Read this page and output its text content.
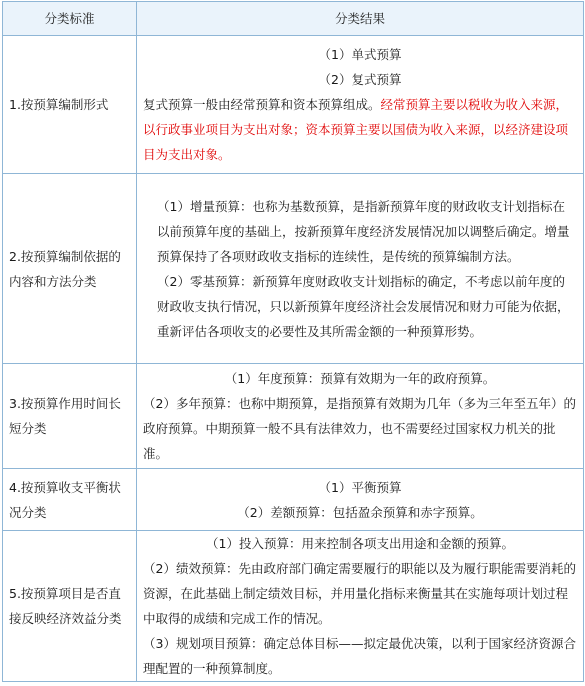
分类标准	分类结果
1.按预算编制形式	（1）单式预算
（2）复式预算
复式预算一般由经常预算和资本预算组成。经常预算主要以税收为收入来源，以行政事业项目为支出对象；资本预算主要以国债为收入来源，以经济建设项目为支出对象。

2.按预算编制依据的内容和方法分类	（1）增量预算：也称为基数预算，是指新预算年度的财政收支计划指标在以前预算年度的基础上，按新预算年度经济发展情况加以调整后确定。增量预算保持了各项财政收支指标的连续性，是传统的预算编制方法。
（2）零基预算：新预算年度财政收支计划指标的确定，不考虑以前年度的财政收支执行情况，只以新预算年度经济社会发展情况和财力可能为依据，重新评估各项收支的必要性及其所需金额的一种预算形势。

3.按预算作用时间长短分类	（1）年度预算：预算有效期为一年的政府预算。
（2）多年预算：也称中期预算，是指预算有效期为几年（多为三年至五年）的政府预算。中期预算一般不具有法律效力，也不需要经过国家权力机关的批准。

4.按预算收支平衡状况分类	（1）平衡预算
（2）差额预算：包括盈余预算和赤字预算。

5.按预算项目是否直接反映经济效益分类	（1）投入预算：用来控制各项支出用途和金额的预算。
（2）绩效预算：先由政府部门确定需要履行的职能以及为履行职能需要消耗的资源，在此基础上制定绩效目标，并用量化指标来衡量其在实施每项计划过程中取得的成绩和完成工作的情况。
（3）规划项目预算：确定总体目标——拟定最优决策，以利于国家经济资源合理配置的一种预算制度。
